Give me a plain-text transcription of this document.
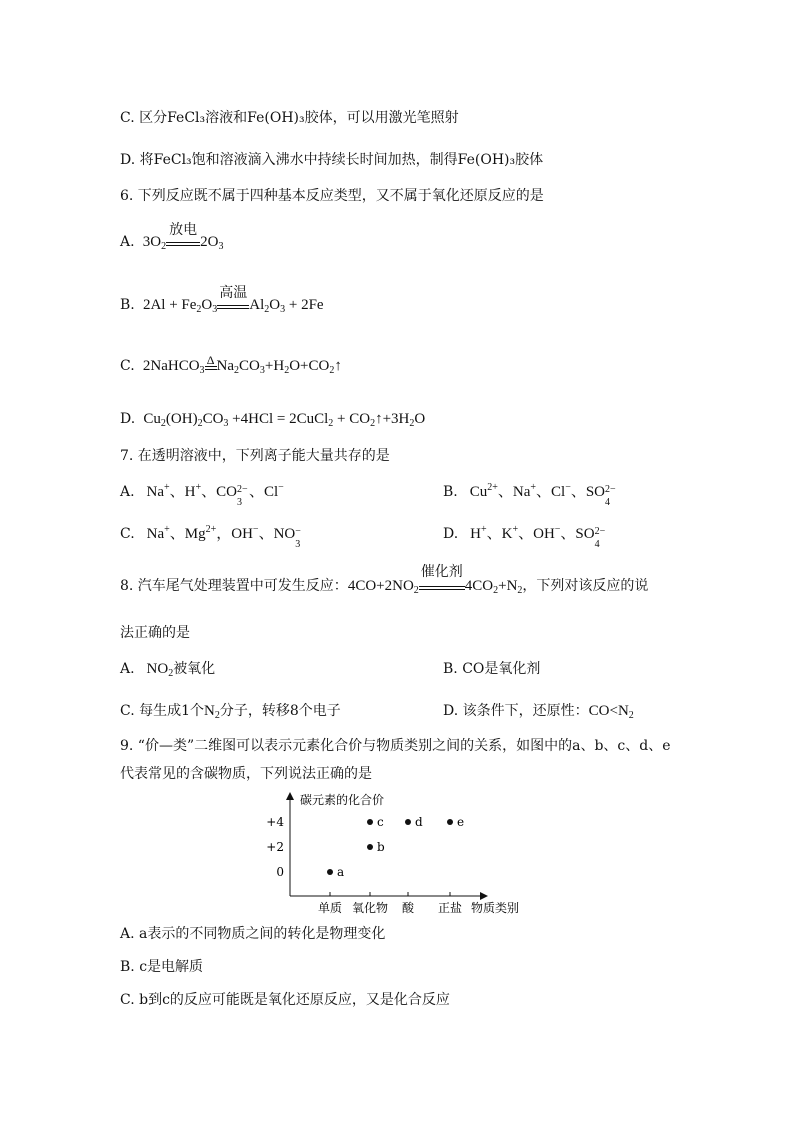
C. 区分FeCl₃溶液和Fe(OH)₃胶体，可以用激光笔照射
D. 将FeCl₃饱和溶液滴入沸水中持续长时间加热，制得Fe(OH)₃胶体
6. 下列反应既不属于四种基本反应类型，又不属于氧化还原反应的是
A.  $3O_2$
放电
$2O_3$
B.  $2Al + Fe_2O_3$
高温
$Al_2O_3 + 2Fe$
C.  2NaHCO$_3$
Δ $Na_2CO_3+H_2O+CO_2↑$
D.  $Cu_2(OH)_2CO_3 +4HCl$ = 2CuCl$_2$ + $CO_2↑+3H_2O$
7. 在透明溶液中，下列离子能大量共存的是
A.   Na+、H+、CO 2−
3
、Cl−	B.   $Cu^{2+}$、Na+、Cl−、SO 2−
4
C.   Na+、$Mg^{2+}$，OH−、NO −
3
D.   H+、K+、OH−、SO 2−
4
8. 汽车尾气处理装置中可发生反应：$4CO+2NO_2$
催化剂
$4CO_2+N_2$，下列对该反应的说
法正确的是
A.   $NO_2$被氧化	B. CO是氧化剂
C. 每生成1个$N_2$分子，转移8个电子	D. 该条件下，还原性：$CO<N_2$
9. “价—类”二维图可以表示元素化合价与物质类别之间的关系，如图中的a、b、c、d、e
代表常见的含碳物质，下列说法正确的是
碳元素的化合价
物质类别
+4
+2
0
单质 氧化物 酸 正盐
a
b
c	d	e
A. a表示的不同物质之间的转化是物理变化
B. c是电解质
C. b到c的反应可能既是氧化还原反应，又是化合反应
